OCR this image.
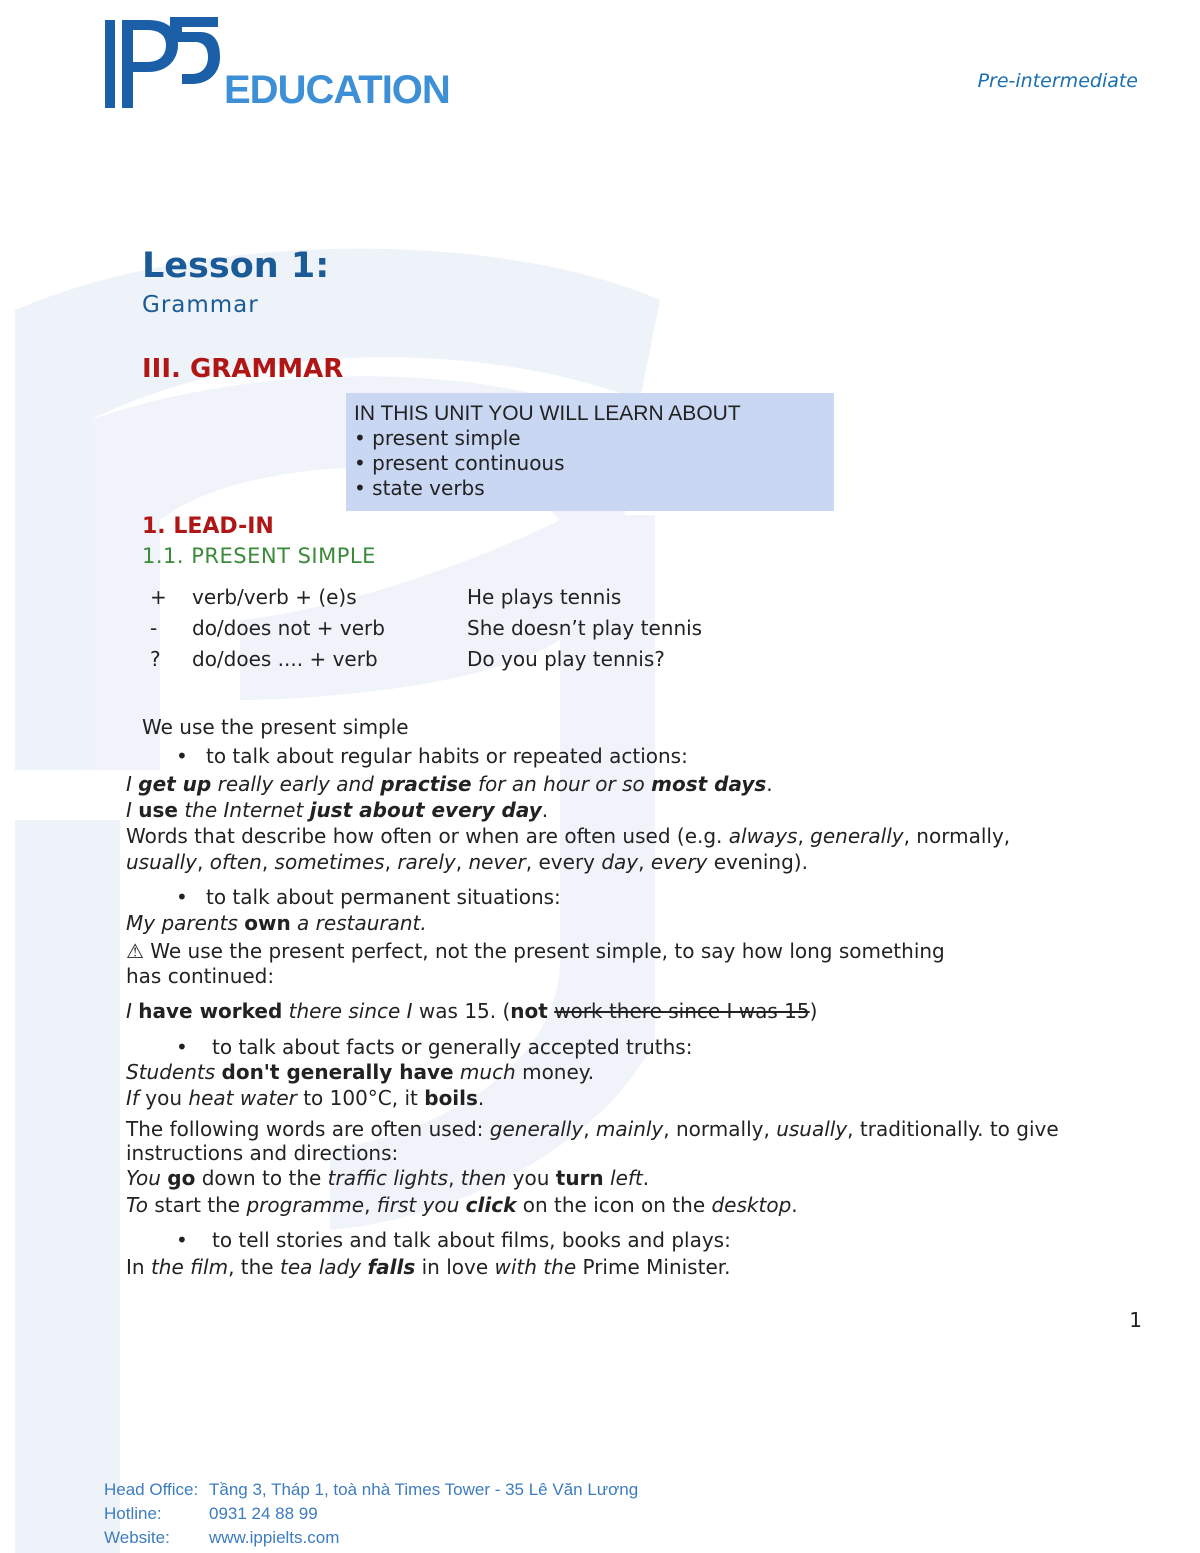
EDUCATION	Pre-intermediate
Lesson 1:
Grammar
III. GRAMMAR
IN THIS UNIT YOU WILL LEARN ABOUT
• present simple
• present continuous
• state verbs
1. LEAD-IN
1.1. PRESENT SIMPLE
+ verb/verb + (e)s	He plays tennis
- do/does not + verb	She doesn’t play tennis
? do/does .... + verb	Do you play tennis?
We use the present simple
• to talk about regular habits or repeated actions:
I get up really early and practise for an hour or so most days.
I use the Internet just about every day.
Words that describe how often or when are often used (e.g. always, generally, normally,
usually, often, sometimes, rarely, never, every day, every evening).
• to talk about permanent situations:
My parents own a restaurant.
⚠ We use the present perfect, not the present simple, to say how long something
has continued:
I have worked there since I was 15. (not work there since I was 15)
• to talk about facts or generally accepted truths:
Students don't generally have much money.
If you heat water to 100°C, it boils.
The following words are often used: generally, mainly, normally, usually, traditionally. to give
instructions and directions:
You go down to the traffic lights, then you turn left.
To start the programme, first you click on the icon on the desktop.
• to tell stories and talk about films, books and plays:
In the film, the tea lady falls in love with the Prime Minister.
1
Head Office: Tầng 3, Tháp 1, toà nhà Times Tower - 35 Lê Văn Lương
Hotline:	0931 24 88 99
Website: www.ippielts.com
